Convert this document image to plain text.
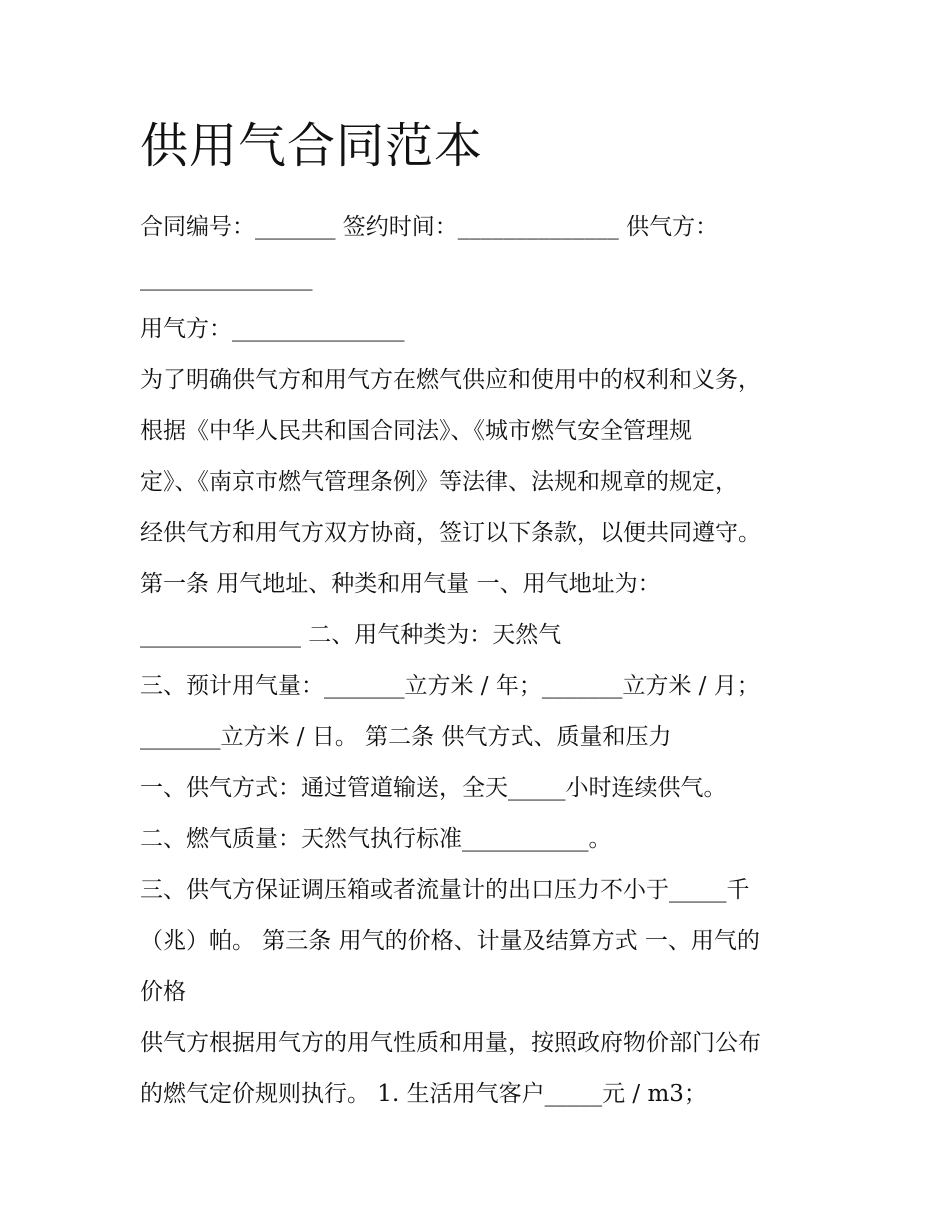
供用气合同范本
合同编号：_______ 签约时间：______________ 供气方：
_______________
用气方：_______________
为了明确供气方和用气方在燃气供应和使用中的权利和义务，
根据《中华人民共和国合同法》、《城市燃气安全管理规
定》、《南京市燃气管理条例》等法律、法规和规章的规定，
经供气方和用气方双方协商，签订以下条款，以便共同遵守。
第一条 用气地址、种类和用气量 一、用气地址为：
______________ 二、用气种类为：天然气
三、预计用气量：_______立方米 / 年；_______立方米 / 月；
_______立方米 / 日。 第二条 供气方式、质量和压力
一、供气方式：通过管道输送，全天_____小时连续供气。
二、燃气质量：天然气执行标准___________。
三、供气方保证调压箱或者流量计的出口压力不小于_____千
（兆）帕。 第三条 用气的价格、计量及结算方式 一、用气的
价格
供气方根据用气方的用气性质和用量，按照政府物价部门公布
的燃气定价规则执行。 1. 生活用气客户_____元 / m3；
